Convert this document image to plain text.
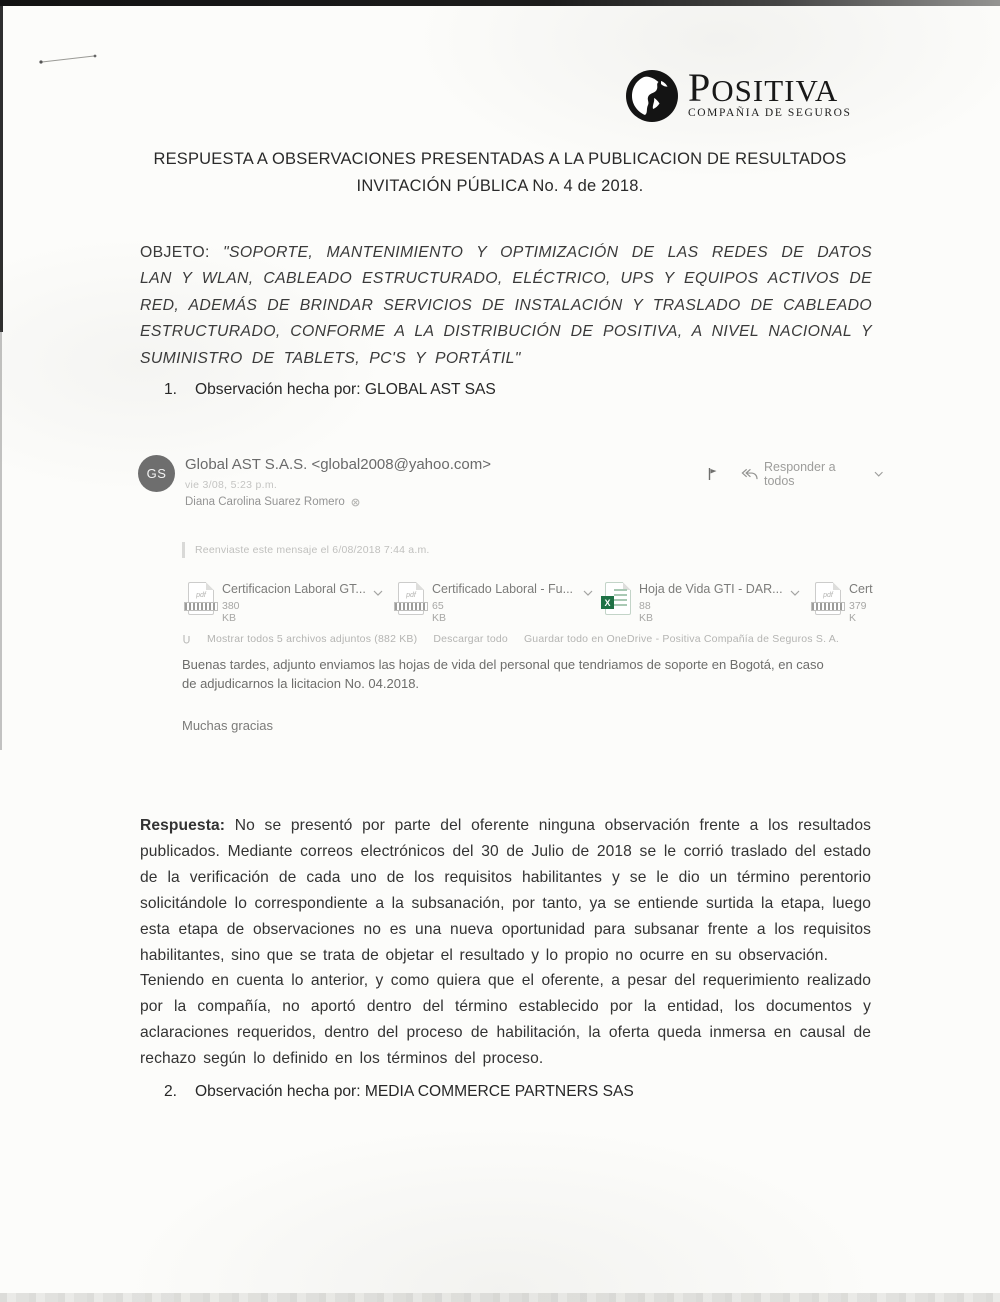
POSITIVA
COMPAÑIA DE SEGUROS
RESPUESTA A OBSERVACIONES PRESENTADAS A LA PUBLICACION DE RESULTADOS
INVITACIÓN PÚBLICA No. 4 de 2018.

OBJETO: "SOPORTE, MANTENIMIENTO Y OPTIMIZACIÓN DE LAS REDES DE DATOS LAN Y WLAN, CABLEADO ESTRUCTURADO, ELÉCTRICO, UPS Y EQUIPOS ACTIVOS DE RED, ADEMÁS DE BRINDAR SERVICIOS DE INSTALACIÓN Y TRASLADO DE CABLEADO ESTRUCTURADO, CONFORME A LA DISTRIBUCIÓN DE POSITIVA, A NIVEL NACIONAL Y SUMINISTRO DE TABLETS, PC'S Y PORTÁTIL"

1.	Observación hecha por: GLOBAL AST SAS
GS
Global AST S.A.S. <global2008@yahoo.com>
vie 3/08, 5:23 p.m.
Diana Carolina Suarez Romero
Responder a todos
Reenviaste este mensaje el 6/08/2018 7:44 a.m.
pdf	Certificacion Laboral GT...
380 KB
pdf	Certificado Laboral - Fu...
65 KB
X
Hoja de Vida GTI - DAR...
88 KB
pdf	Cert
379 K
Mostrar todos 5 archivos adjuntos (882 KB) Descargar todo Guardar todo en OneDrive - Positiva Compañía de Seguros S. A.

Buenas tardes, adjunto enviamos las hojas de vida del personal que tendriamos de soporte en Bogotá, en caso de adjudicarnos la licitacion No. 04.2018.

Muchas gracias

Respuesta: No se presentó por parte del oferente ninguna observación frente a los resultados publicados. Mediante correos electrónicos del 30 de Julio de 2018 se le corrió traslado del estado de la verificación de cada uno de los requisitos habilitantes y se le dio un término perentorio solicitándole lo correspondiente a la subsanación, por tanto, ya se entiende surtida la etapa, luego esta etapa de observaciones no es una nueva oportunidad para subsanar frente a los requisitos habilitantes, sino que se trata de objetar el resultado y lo propio no ocurre en su observación.

Teniendo en cuenta lo anterior, y como quiera que el oferente, a pesar del requerimiento realizado por la compañía, no aportó dentro del término establecido por la entidad, los documentos y aclaraciones requeridos, dentro del proceso de habilitación, la oferta queda inmersa en causal de rechazo según lo definido en los términos del proceso.

2.	Observación hecha por: MEDIA COMMERCE PARTNERS SAS
